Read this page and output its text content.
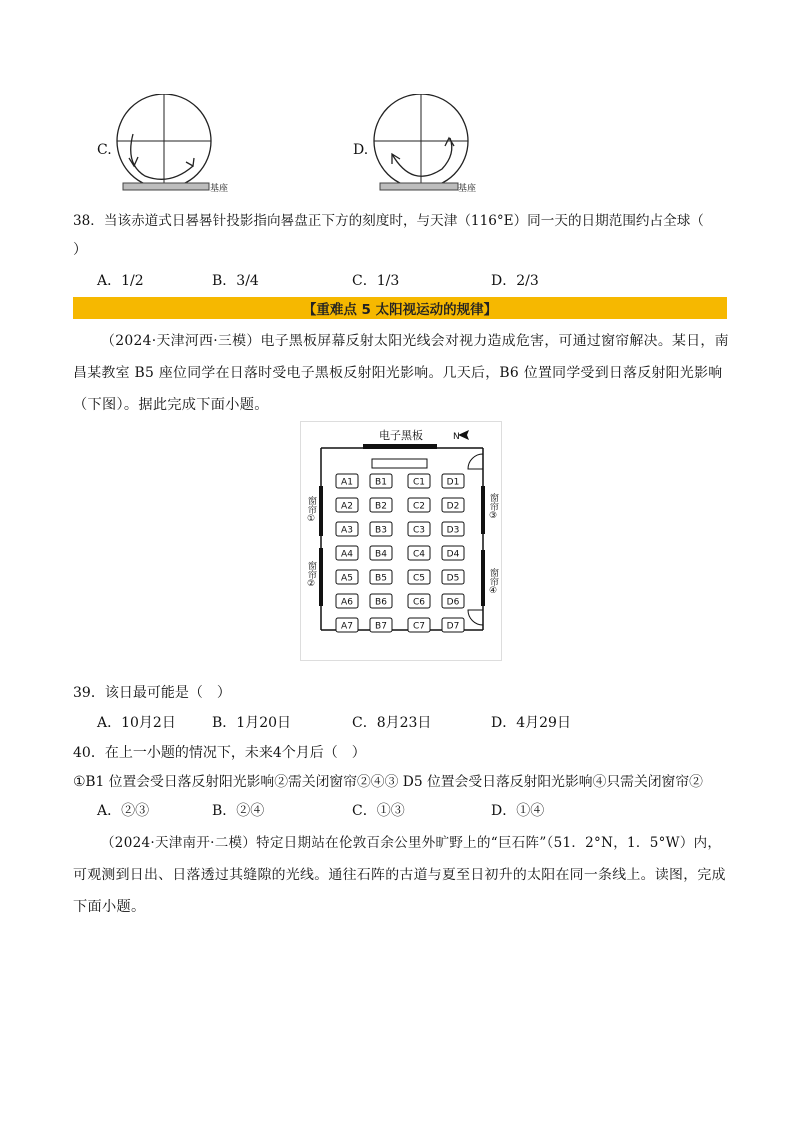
C.
基座
D.
基座
38．当该赤道式日晷晷针投影指向晷盘正下方的刻度时，与天津（116°E）同一天的日期范围约占全球（
）
A．1/2	B．3/4	C．1/3	D．2/3
【重难点 5 太阳视运动的规律】
（2024·天津河西·三模）电子黑板屏幕反射太阳光线会对视力造成危害，可通过窗帘解决。某日，南
昌某教室 B5 座位同学在日落时受电子黑板反射阳光影响。几天后，B6 位置同学受到日落反射阳光影响
（下图）。据此完成下面小题。
电子黑板	N
窗帘①
窗帘②
窗帘③
窗帘④
A1 B1	C1 D1
A2 B2	C2 D2
A3 B3	C3 D3
A4 B4	C4 D4
A5 B5	C5 D5
A6 B6	C6 D6
A7 B7	C7 D7
39．该日最可能是（　）
A．10月2日	B．1月20日	C．8月23日	D．4月29日
40．在上一小题的情况下，未来4个月后（　）
①B1 位置会受日落反射阳光影响②需关闭窗帘②④③ D5 位置会受日落反射阳光影响④只需关闭窗帘②
A．②③	B．②④	C．①③	D．①④
（2024·天津南开·二模）特定日期站在伦敦百余公里外旷野上的“巨石阵”（51．2°N，1．5°W）内，
可观测到日出、日落透过其缝隙的光线。通往石阵的古道与夏至日初升的太阳在同一条线上。读图，完成
下面小题。
